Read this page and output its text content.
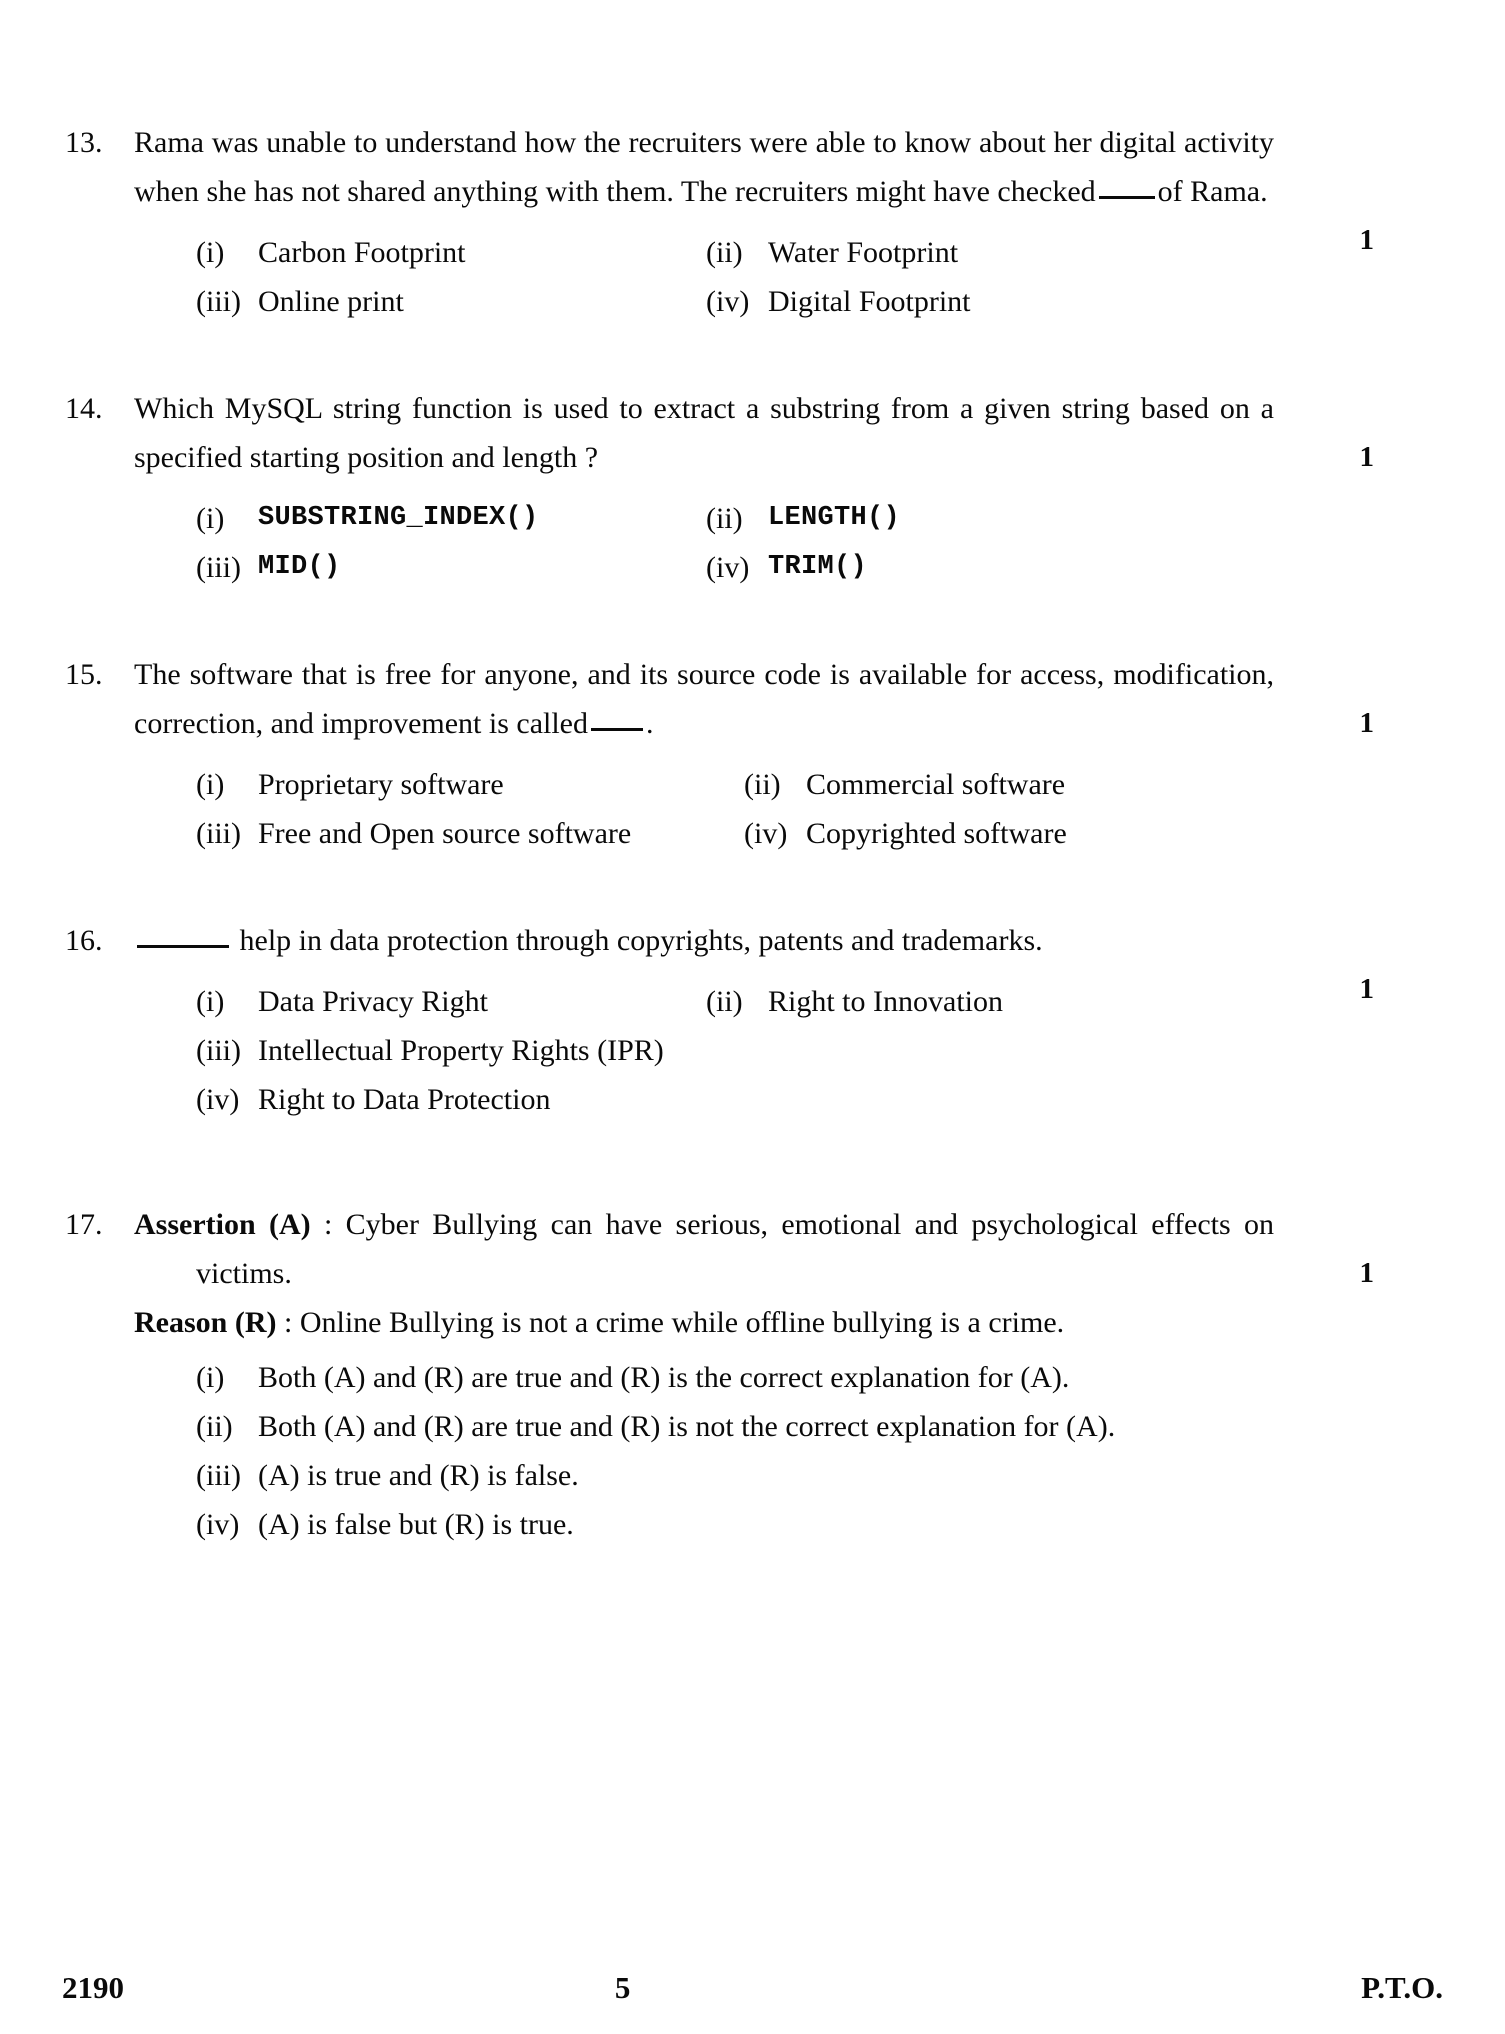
13.	Rama was unable to understand how the recruiters were able to know about her digital activity when she has not shared anything with them. The recruiters might have checked of Rama.
1
(i)	Carbon Footprint	(ii) Water Footprint
(iii) Online print	(iv) Digital Footprint
14.	Which MySQL string function is used to extract a substring from a given string based on a specified starting position and length ?	1
(i)	SUBSTRING_INDEX()	(ii) LENGTH()
(iii) MID()	(iv) TRIM()
15.	The software that is free for anyone, and its source code is available for access, modification, correction, and improvement is called .	1
(i)	Proprietary software	(ii) Commercial software
(iii) Free and Open source software	(iv) Copyrighted software
16.	help in data protection through copyrights, patents and trademarks.
1
(i)	Data Privacy Right	(ii) Right to Innovation
(iii) Intellectual Property Rights (IPR)
(iv) Right to Data Protection
17.	Assertion (A) : Cyber Bullying can have serious, emotional and psychological effects on victims.	1
Reason (R) : Online Bullying is not a crime while offline bullying is a crime.
(i)	Both (A) and (R) are true and (R) is the correct explanation for (A).
(ii) Both (A) and (R) are true and (R) is not the correct explanation for (A).
(iii) (A) is true and (R) is false.
(iv) (A) is false but (R) is true.
2190	5	P.T.O.
